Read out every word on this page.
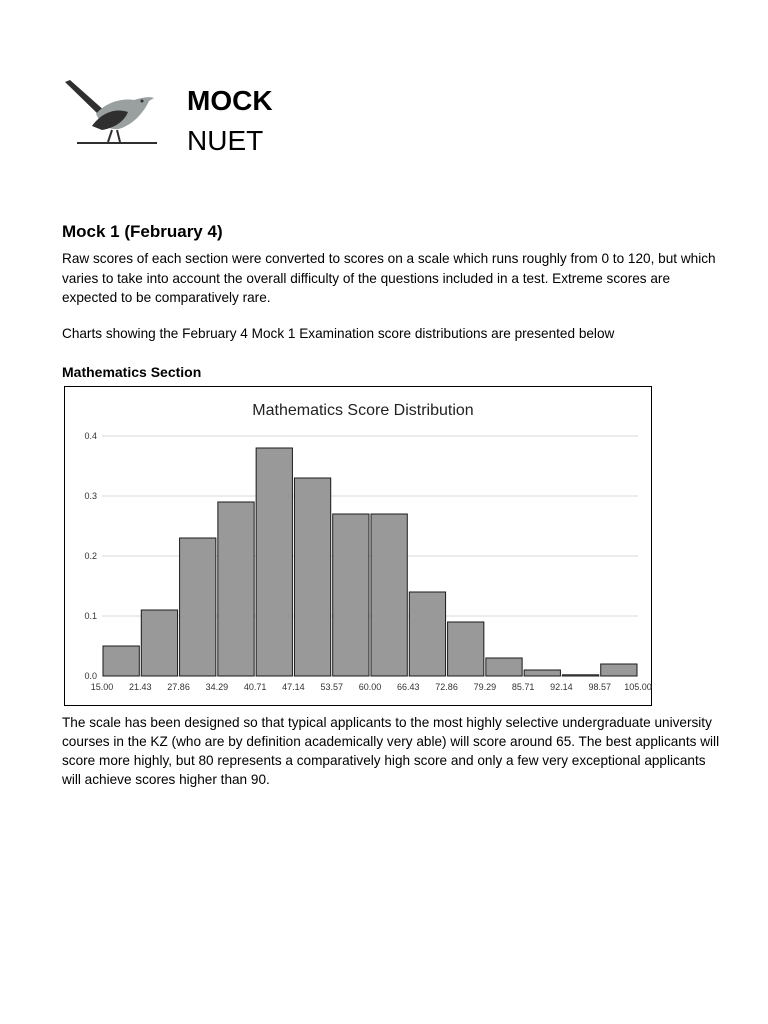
MOCK
NUET
Mock 1 (February 4)

Raw scores of each section were converted to scores on a scale which runs roughly from 0 to 120, but which varies to take into account the overall difficulty of the questions included in a test. Extreme scores are expected to be comparatively rare.

Charts showing the February 4 Mock 1 Examination score distributions are presented below

Mathematics Section
Mathematics Score Distribution
15.00 21.43 27.86 34.29 40.71 47.14 53.57 60.00 66.43 72.86 79.29 85.71 92.14 98.57 105.00
0.0
0.1
0.2
0.3
0.4

The scale has been designed so that typical applicants to the most highly selective undergraduate university courses in the KZ (who are by definition academically very able) will score around 65. The best applicants will score more highly, but 80 represents a comparatively high score and only a few very exceptional applicants will achieve scores higher than 90.
